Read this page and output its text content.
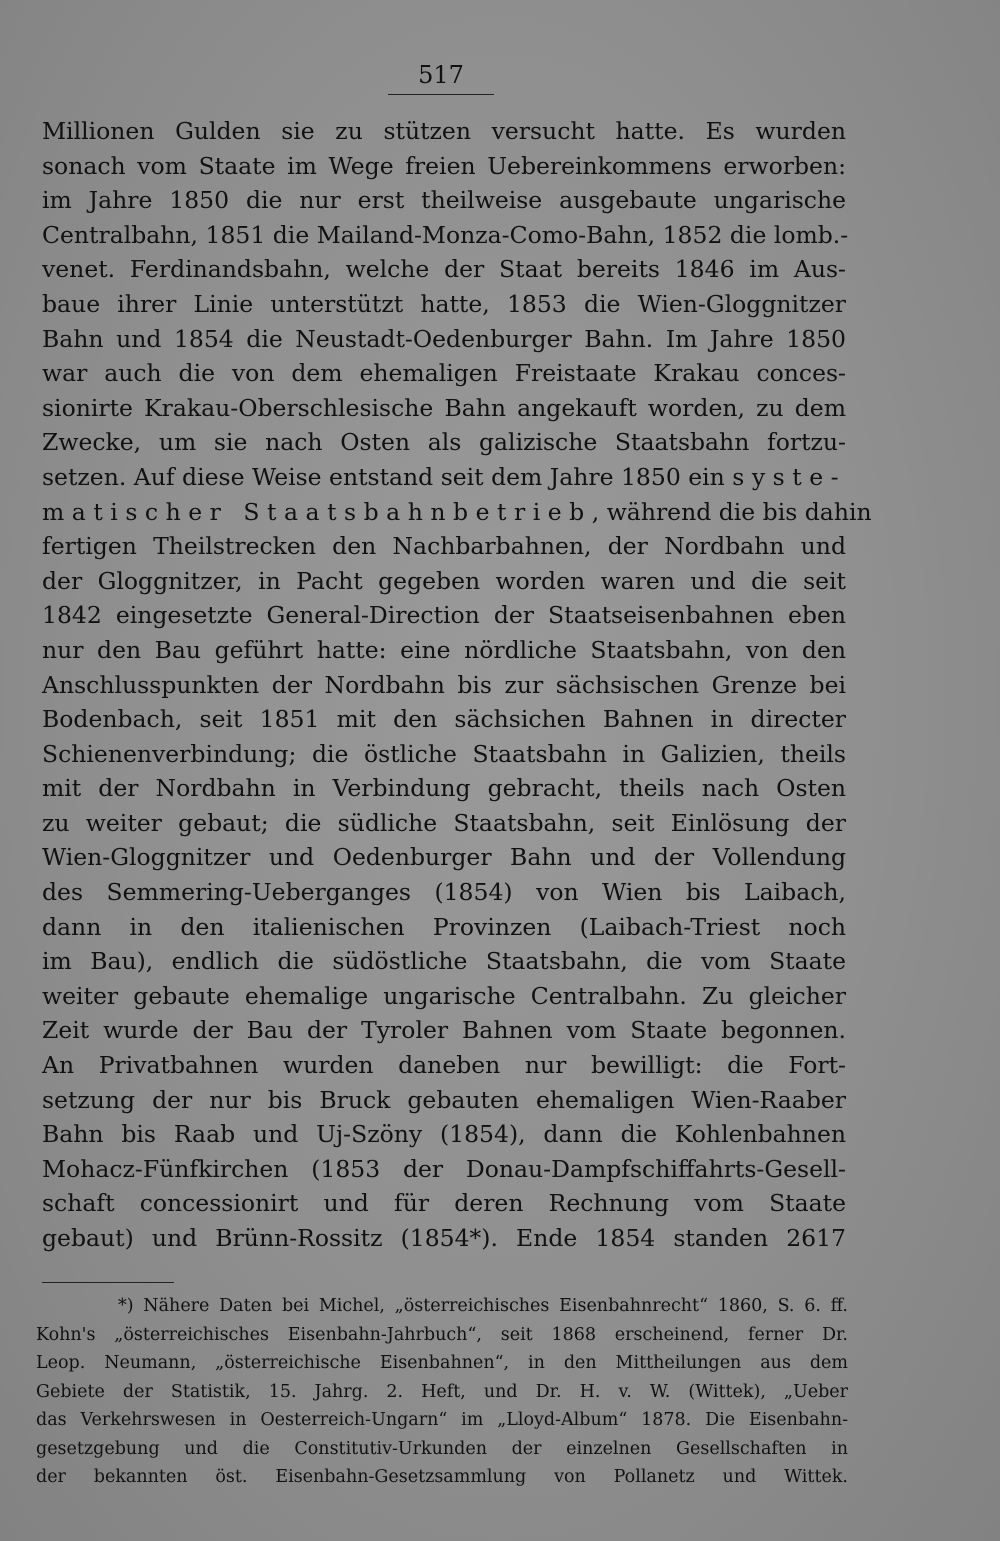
517
Millionen Gulden sie zu stützen versucht hatte. Es wurden
sonach vom Staate im Wege freien Uebereinkommens erworben:
im Jahre 1850 die nur erst theilweise ausgebaute ungarische
Centralbahn, 1851 die Mailand-Monza-Como-Bahn, 1852 die lomb.-
venet. Ferdinandsbahn, welche der Staat bereits 1846 im Aus-
baue ihrer Linie unterstützt hatte, 1853 die Wien-Gloggnitzer
Bahn und 1854 die Neustadt-Oedenburger Bahn. Im Jahre 1850
war auch die von dem ehemaligen Freistaate Krakau conces-
sionirte Krakau-Oberschlesische Bahn angekauft worden, zu dem
Zwecke, um sie nach Osten als galizische Staatsbahn fortzu-
setzen. Auf diese Weise entstand seit dem Jahre 1850 ein syste-
matischer Staatsbahnbetrieb, während die bis dahin
fertigen Theilstrecken den Nachbarbahnen, der Nordbahn und
der Gloggnitzer, in Pacht gegeben worden waren und die seit
1842 eingesetzte General-Direction der Staatseisenbahnen eben
nur den Bau geführt hatte: eine nördliche Staatsbahn, von den
Anschlusspunkten der Nordbahn bis zur sächsischen Grenze bei
Bodenbach, seit 1851 mit den sächsichen Bahnen in directer
Schienenverbindung; die östliche Staatsbahn in Galizien, theils
mit der Nordbahn in Verbindung gebracht, theils nach Osten
zu weiter gebaut; die südliche Staatsbahn, seit Einlösung der
Wien-Gloggnitzer und Oedenburger Bahn und der Vollendung
des Semmering-Ueberganges (1854) von Wien bis Laibach,
dann in den italienischen Provinzen (Laibach-Triest noch
im Bau), endlich die südöstliche Staatsbahn, die vom Staate
weiter gebaute ehemalige ungarische Centralbahn. Zu gleicher
Zeit wurde der Bau der Tyroler Bahnen vom Staate begonnen.
An Privatbahnen wurden daneben nur bewilligt: die Fort-
setzung der nur bis Bruck gebauten ehemaligen Wien-Raaber
Bahn bis Raab und Uj-Szöny (1854), dann die Kohlenbahnen
Mohacz-Fünfkirchen (1853 der Donau-Dampfschiffahrts-Gesell-
schaft concessionirt und für deren Rechnung vom Staate
gebaut) und Brünn-Rossitz (1854*). Ende 1854 standen 2617
*) Nähere Daten bei Michel, „österreichisches Eisenbahnrecht“ 1860, S. 6. ff.
Kohn's „österreichisches Eisenbahn-Jahrbuch“, seit 1868 erscheinend, ferner Dr.
Leop. Neumann, „österreichische Eisenbahnen“, in den Mittheilungen aus dem
Gebiete der Statistik, 15. Jahrg. 2. Heft, und Dr. H. v. W. (Wittek), „Ueber
das Verkehrswesen in Oesterreich-Ungarn“ im „Lloyd-Album“ 1878. Die Eisenbahn-
gesetzgebung und die Constitutiv-Urkunden der einzelnen Gesellschaften in
der bekannten öst. Eisenbahn-Gesetzsammlung von Pollanetz und Wittek.
